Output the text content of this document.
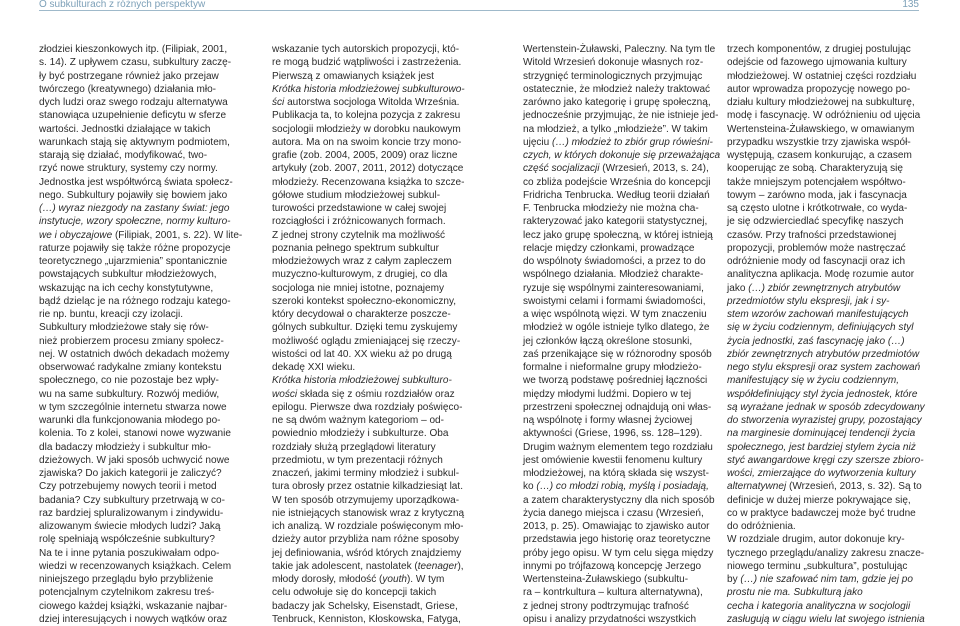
O subkulturach z różnych perspektyw	135
złodziei kieszonkowych itp. (Filipiak, 2001,
s. 14). Z upływem czasu, subkultury zaczę-
ły być postrzegane również jako przejaw
twórczego (kreatywnego) działania mło-
dych ludzi oraz swego rodzaju alternatywa
stanowiąca uzupełnienie deficytu w sferze
wartości. Jednostki działające w takich
warunkach stają się aktywnym podmiotem,
starają się działać, modyfikować, two-
rzyć nowe struktury, systemy czy normy.
Jednostka jest współtwórcą świata społecz-
nego. Subkultury pojawiły się bowiem jako
(…) wyraz niezgody na zastany świat: jego
instytucje, wzory społeczne, normy kulturo-
we i obyczajowe (Filipiak, 2001, s. 22). W lite-
raturze pojawiły się także różne propozycje
teoretycznego „ujarzmienia” spontanicznie
powstających subkultur młodzieżowych,
wskazując na ich cechy konstytutywne,
bądź dzieląc je na różnego rodzaju katego-
rie np. buntu, kreacji czy izolacji.
Subkultury młodzieżowe stały się rów-
nież probierzem procesu zmiany społecz-
nej. W ostatnich dwóch dekadach możemy
obserwować radykalne zmiany kontekstu
społecznego, co nie pozostaje bez wpły-
wu na same subkultury. Rozwój mediów,
w tym szczególnie internetu stwarza nowe
warunki dla funkcjonowania młodego po-
kolenia. To z kolei, stanowi nowe wyzwanie
dla badaczy młodzieży i subkultur mło-
dzieżowych. W jaki sposób uchwycić nowe
zjawiska? Do jakich kategorii je zaliczyć?
Czy potrzebujemy nowych teorii i metod
badania? Czy subkultury przetrwają w co-
raz bardziej spluralizowanym i zindywidu-
alizowanym świecie młodych ludzi? Jaką
rolę spełniają współcześnie subkultury?
Na te i inne pytania poszukiwałam odpo-
wiedzi w recenzowanych książkach. Celem
niniejszego przeglądu było przybliżenie
potencjalnym czytelnikom zakresu treś-
ciowego każdej książki, wskazanie najbar-
dziej interesujących i nowych wątków oraz
wskazanie tych autorskich propozycji, któ-
re mogą budzić wątpliwości i zastrzeżenia.
Pierwszą z omawianych książek jest
Krótka historia młodzieżowej subkulturowo-
ści autorstwa socjologa Witolda Września.
Publikacja ta, to kolejna pozycja z zakresu
socjologii młodzieży w dorobku naukowym
autora. Ma on na swoim koncie trzy mono-
grafie (zob. 2004, 2005, 2009) oraz liczne
artykuły (zob. 2007, 2011, 2012) dotyczące
młodzieży. Recenzowana książka to szcze-
gółowe studium młodzieżowej subkul-
turowości przedstawione w całej swojej
rozciągłości i zróżnicowanych formach.
Z jednej strony czytelnik ma możliwość
poznania pełnego spektrum subkultur
młodzieżowych wraz z całym zapleczem
muzyczno-kulturowym, z drugiej, co dla
socjologa nie mniej istotne, poznajemy
szeroki kontekst społeczno-ekonomiczny,
który decydował o charakterze poszcze-
gólnych subkultur. Dzięki temu zyskujemy
możliwość oglądu zmieniającej się rzeczy-
wistości od lat 40. XX wieku aż po drugą
dekadę XXI wieku.
Krótka historia młodzieżowej subkulturo-
wości składa się z ośmiu rozdziałów oraz
epilogu. Pierwsze dwa rozdziały poświęco-
ne są dwóm ważnym kategoriom – od-
powiednio młodzieży i subkulturze. Oba
rozdziały służą przeglądowi literatury
przedmiotu, w tym prezentacji różnych
znaczeń, jakimi terminy młodzież i subkul-
tura obrosły przez ostatnie kilkadziesiąt lat.
W ten sposób otrzymujemy uporządkowa-
nie istniejących stanowisk wraz z krytyczną
ich analizą. W rozdziale poświęconym mło-
dzieży autor przybliża nam różne sposoby
jej definiowania, wśród których znajdziemy
takie jak adolescent, nastolatek (teenager),
młody dorosły, młodość (youth). W tym
celu odwołuje się do koncepcji takich
badaczy jak Schelsky, Eisenstadt, Griese,
Tenbruck, Kenniston, Kłoskowska, Fatyga,
Wertenstein-Żuławski, Paleczny. Na tym tle
Witold Wrzesień dokonuje własnych roz-
strzygnięć terminologicznych przyjmując
ostatecznie, że młodzież należy traktować
zarówno jako kategorię i grupę społeczną,
jednocześnie przyjmując, że nie istnieje jed-
na młodzież, a tylko „młodzieże”. W takim
ujęciu (…) młodzież to zbiór grup rówieśni-
czych, w których dokonuje się przeważająca
część socjalizacji (Wrzesień, 2013, s. 24),
co zbliża podejście Września do koncepcji
Fridricha Tenbrucka. Według teorii działań
F. Tenbrucka młodzieży nie można cha-
rakteryzować jako kategorii statystycznej,
lecz jako grupę społeczną, w której istnieją
relacje między członkami, prowadzące
do wspólnoty świadomości, a przez to do
wspólnego działania. Młodzież charakte-
ryzuje się wspólnymi zainteresowaniami,
swoistymi celami i formami świadomości,
a więc wspólnotą więzi. W tym znaczeniu
młodzież w ogóle istnieje tylko dlatego, że
jej członków łączą określone stosunki,
zaś przenikające się w różnorodny sposób
formalne i nieformalne grupy młodzieżo-
we tworzą podstawę pośredniej łączności
między młodymi ludźmi. Dopiero w tej
przestrzeni społecznej odnajdują oni włas-
ną wspólnotę i formy własnej życiowej
aktywności (Griese, 1996, ss. 128–129).
Drugim ważnym elementem tego rozdziału
jest omówienie kwestii fenomenu kultury
młodzieżowej, na którą składa się wszyst-
ko (…) co młodzi robią, myślą i posiadają,
a zatem charakterystyczny dla nich sposób
życia danego miejsca i czasu (Wrzesień,
2013, p. 25). Omawiając to zjawisko autor
przedstawia jego historię oraz teoretyczne
próby jego opisu. W tym celu sięga między
innymi po trójfazową koncepcję Jerzego
Wertensteina-Żuławskiego (subkultu-
ra – kontrkultura – kultura alternatywna),
z jednej strony podtrzymując trafność
opisu i analizy przydatności wszystkich
trzech komponentów, z drugiej postulując
odejście od fazowego ujmowania kultury
młodzieżowej. W ostatniej części rozdziału
autor wprowadza propozycję nowego po-
działu kultury młodzieżowej na subkulturę,
modę i fascynację. W odróżnieniu od ujęcia
Wertensteina-Żuławskiego, w omawianym
przypadku wszystkie trzy zjawiska współ-
występują, czasem konkurując, a czasem
kooperując ze sobą. Charakteryzują się
także mniejszym potencjałem współtwo-
towym – zarówno moda, jak i fascynacja
są często ulotne i krótkotrwałe, co wyda-
je się odzwierciedlać specyfikę naszych
czasów. Przy trafności przedstawionej
propozycji, problemów może nastręczać
odróżnienie mody od fascynacji oraz ich
analityczna aplikacja. Modę rozumie autor
jako (…) zbiór zewnętrznych atrybutów
przedmiotów stylu ekspresji, jak i sy-
stem wzorów zachowań manifestujących
się w życiu codziennym, definiujących styl
życia jednostki, zaś fascynację jako (…)
zbiór zewnętrznych atrybutów przedmiotów
nego stylu ekspresji oraz system zachowań
manifestujący się w życiu codziennym,
współdefiniujący styl życia jednostek, które
są wyrażane jednak w sposób zdecydowany
do stworzenia wyrazistej grupy, pozostający
na marginesie dominującej tendencji życia
społecznego, jest bardziej stylem życia niż
styć awangardowe kręgi czy szersze zbioro-
wości, zmierzające do wytworzenia kultury
alternatywnej (Wrzesień, 2013, s. 32). Są to
definicje w dużej mierze pokrywające się,
co w praktyce badawczej może być trudne
do odróżnienia.
W rozdziale drugim, autor dokonuje kry-
tycznego przeglądu/analizy zakresu znacze-
niowego terminu „subkultura”, postulując
by (…) nie szafować nim tam, gdzie jej po
prostu nie ma. Subkulturą jako
cecha i kategoria analityczna w socjologii
zasługują w ciągu wielu lat swojego istnienia
